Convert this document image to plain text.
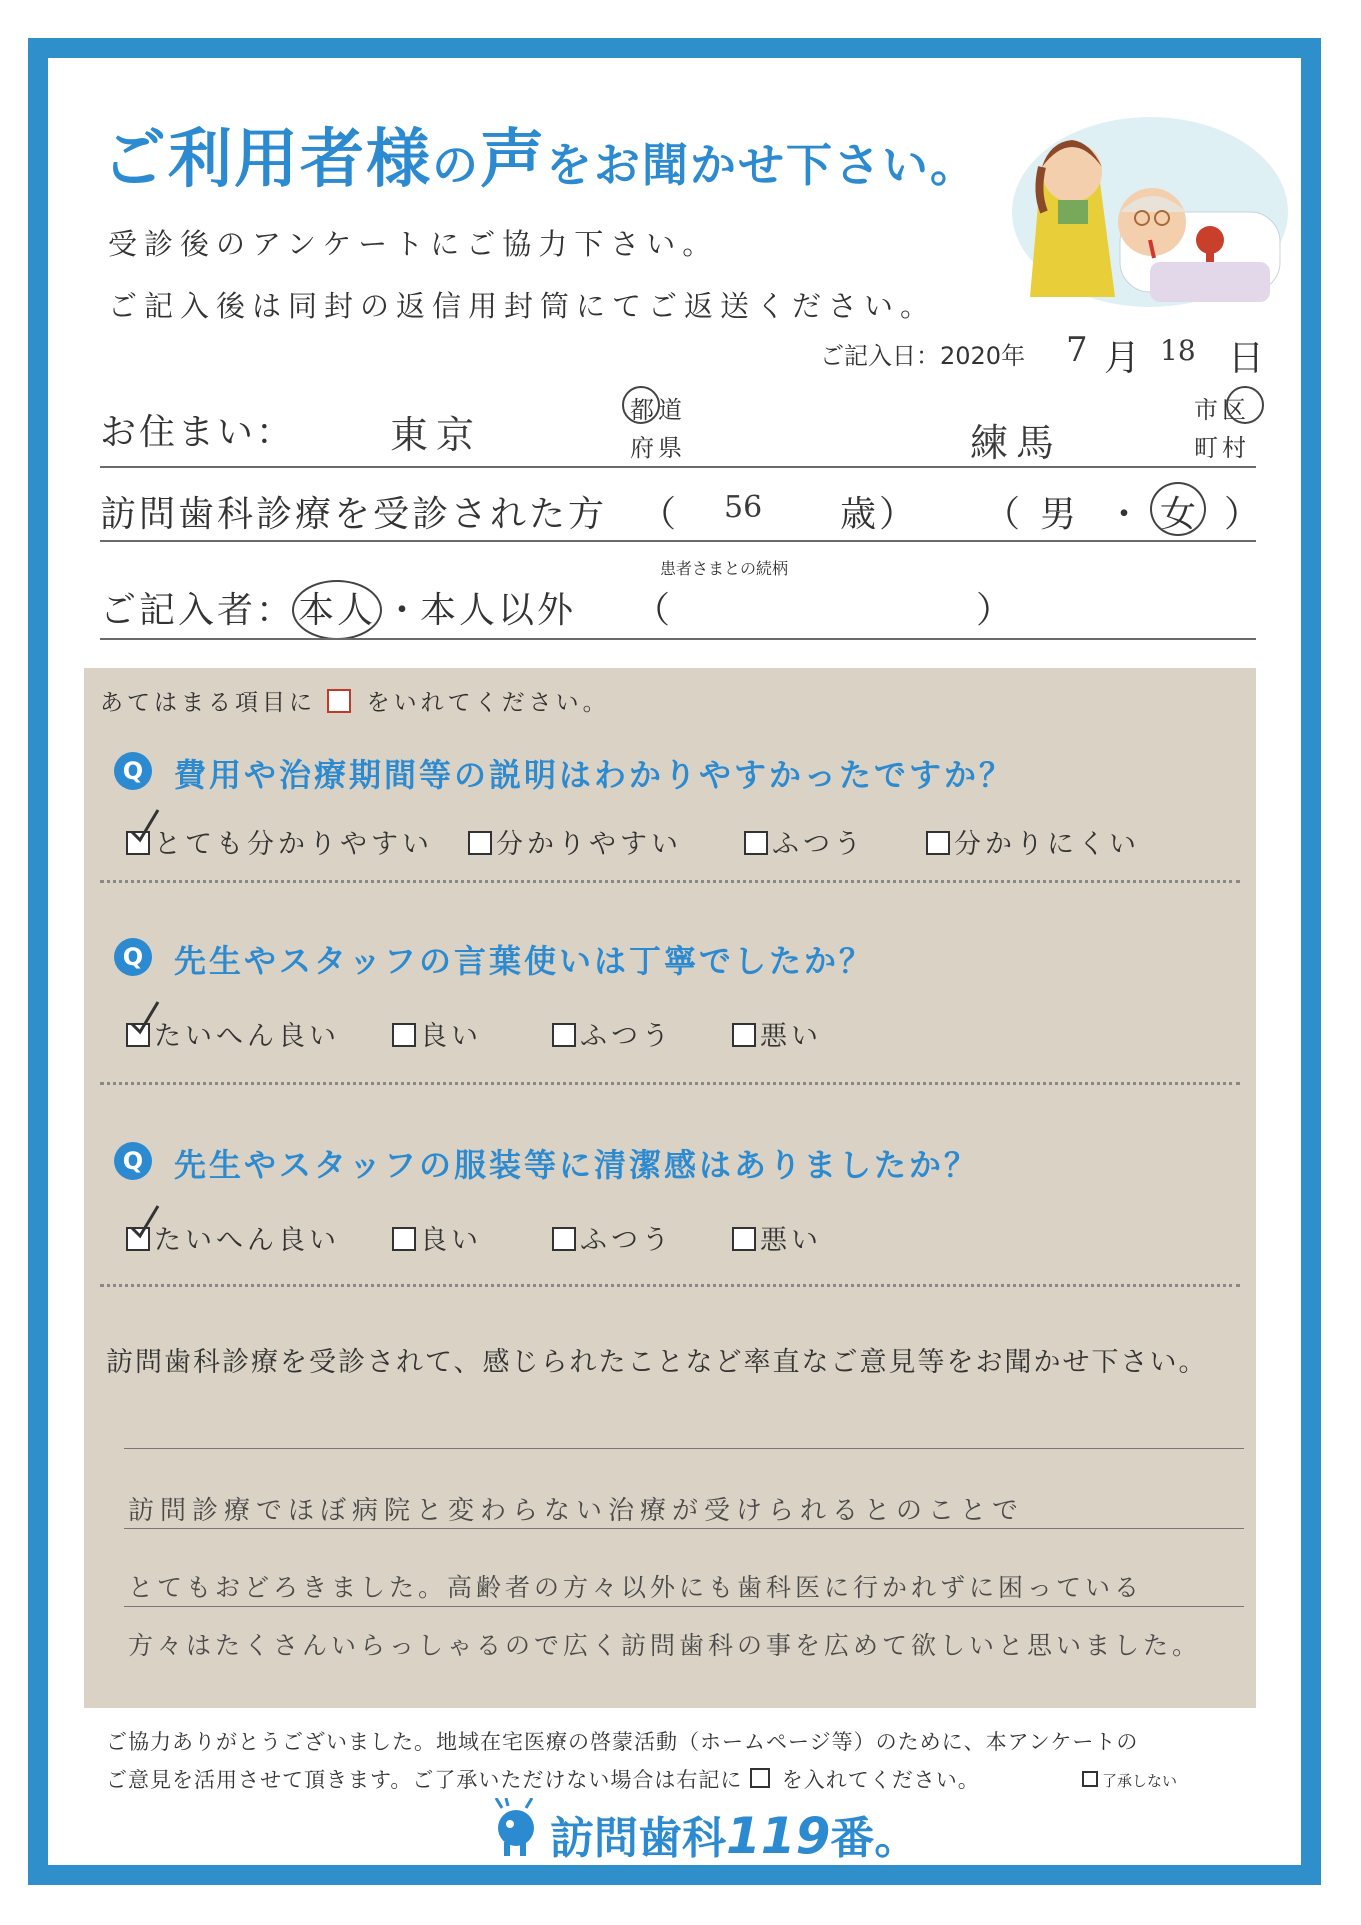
ご利用者様の声をお聞かせ下さい。
受診後のアンケートにご協力下さい。
ご記入後は同封の返信用封筒にてご返送ください。
ご記入日：2020年 7 月 18 日
お住まい： 東京
都道
府県	練馬
市区
町村
訪問歯科診療を受診された方 （ 56 歳） （ 男 ・ 女 ）
患者さまとの続柄
ご記入者： 本人 ・
本人以外 （	）
あてはまる項目に をいれてください。
Q 費用や治療期間等の説明はわかりやすかったですか？
とても分かりやすい	分かりやすい	ふつう	分かりにくい
Q 先生やスタッフの言葉使いは丁寧でしたか？
たいへん良い	良い	ふつう	悪い
Q 先生やスタッフの服装等に清潔感はありましたか？
たいへん良い	良い	ふつう	悪い
訪問歯科診療を受診されて、感じられたことなど率直なご意見等をお聞かせ下さい。
訪問診療でほぼ病院と変わらない治療が受けられるとのことで
とてもおどろきました。高齢者の方々以外にも歯科医に行かれずに困っている
方々はたくさんいらっしゃるので広く訪問歯科の事を広めて欲しいと思いました。
ご協力ありがとうございました。地域在宅医療の啓蒙活動（ホームページ等）のために、本アンケートの
ご意見を活用させて頂きます。ご了承いただけない場合は右記に を入れてください。	了承しない
訪問歯科119番。
